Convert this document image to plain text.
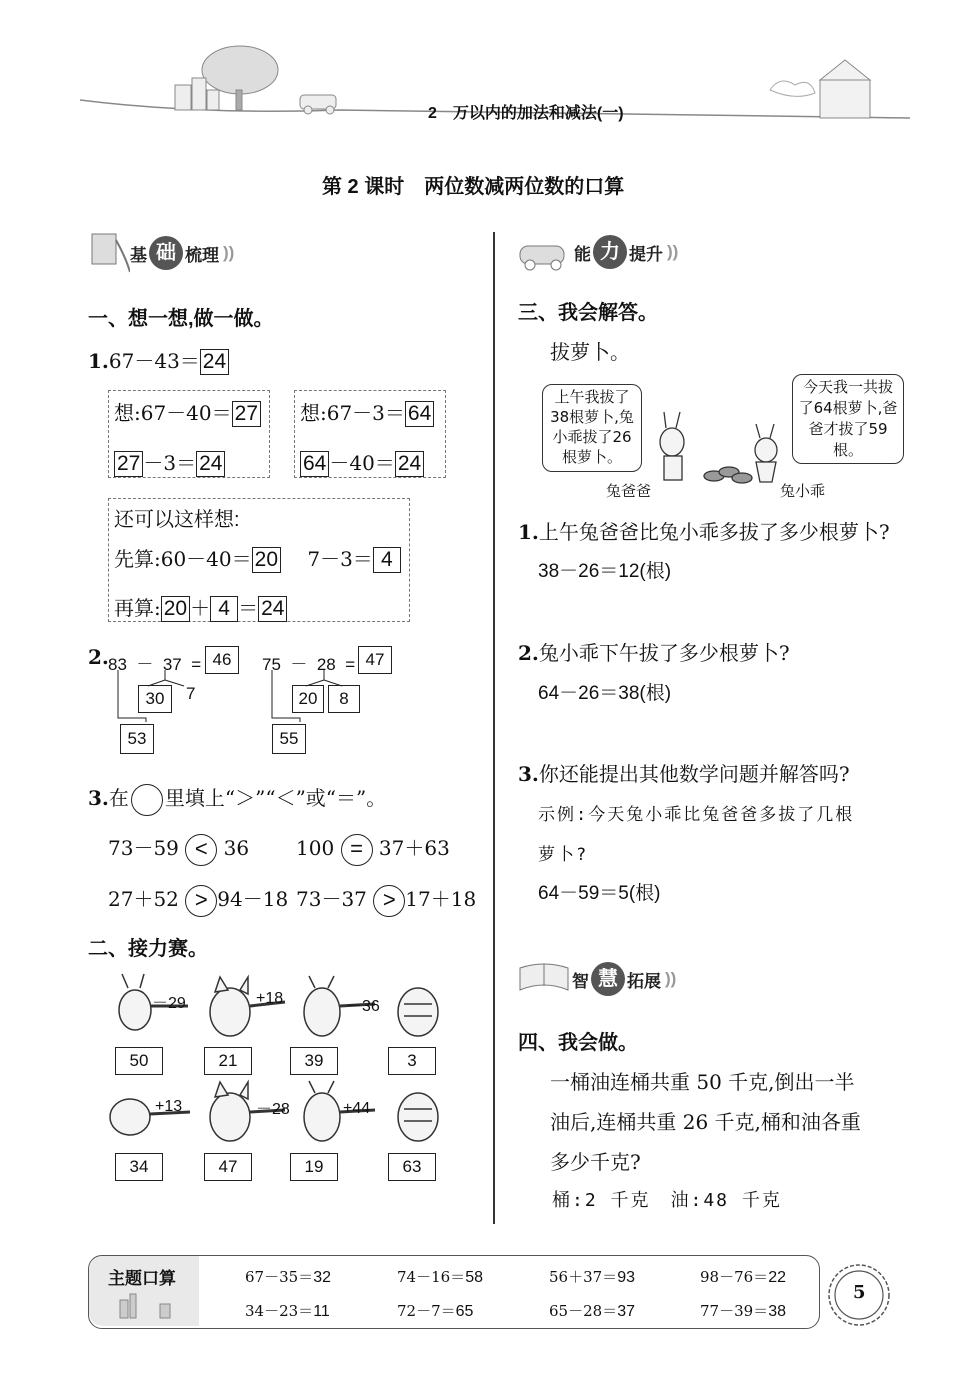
2　万以内的加法和减法(一)
第 2 课时　两位数减两位数的口算
基 础 梳理 ))
一、想一想,做一做。
1.67－43＝ 24
想:67－40＝ 27
27 －3＝ 24
想:67－3＝ 64
64 －40＝ 24
还可以这样想:
先算:60－40＝ 20 7－3＝ 4
再算: 20 ＋ 4 ＝ 24
2. 83 － 37 = 46
30	7
53
75 － 28 = 47
20	8
55
3.在 里填上“＞”“＜”或“＝”。
73－59 < 36 100 = 37＋63
27＋52 > 94－18 73－37 > 17＋18
二、接力赛。
－29	+18	－36
50	21	39	3
+13	－28	+44
34	47	19	63
能 力 提升 ))
三、我会解答。
拔萝卜。
上午我拔了38根萝卜,兔小乖拔了26根萝卜。
今天我一共拔了64根萝卜,爸爸才拔了59根。
兔爸爸	兔小乖
1.上午兔爸爸比兔小乖多拔了多少根萝卜?
38－26＝12(根)
2.兔小乖下午拔了多少根萝卜?
64－26＝38(根)
3.你还能提出其他数学问题并解答吗?
示例:今天兔小乖比兔爸爸多拔了几根
萝卜?
64－59＝5(根)
智 慧 拓展 ))
四、我会做。
一桶油连桶共重 50 千克,倒出一半
油后,连桶共重 26 千克,桶和油各重
多少千克?
桶:2 千克　油:48 千克
主题口算	67－35＝32	74－16＝58	56＋37＝93	98－76＝22
34－23＝11	72－7＝65	65－28＝37	77－39＝38
5
